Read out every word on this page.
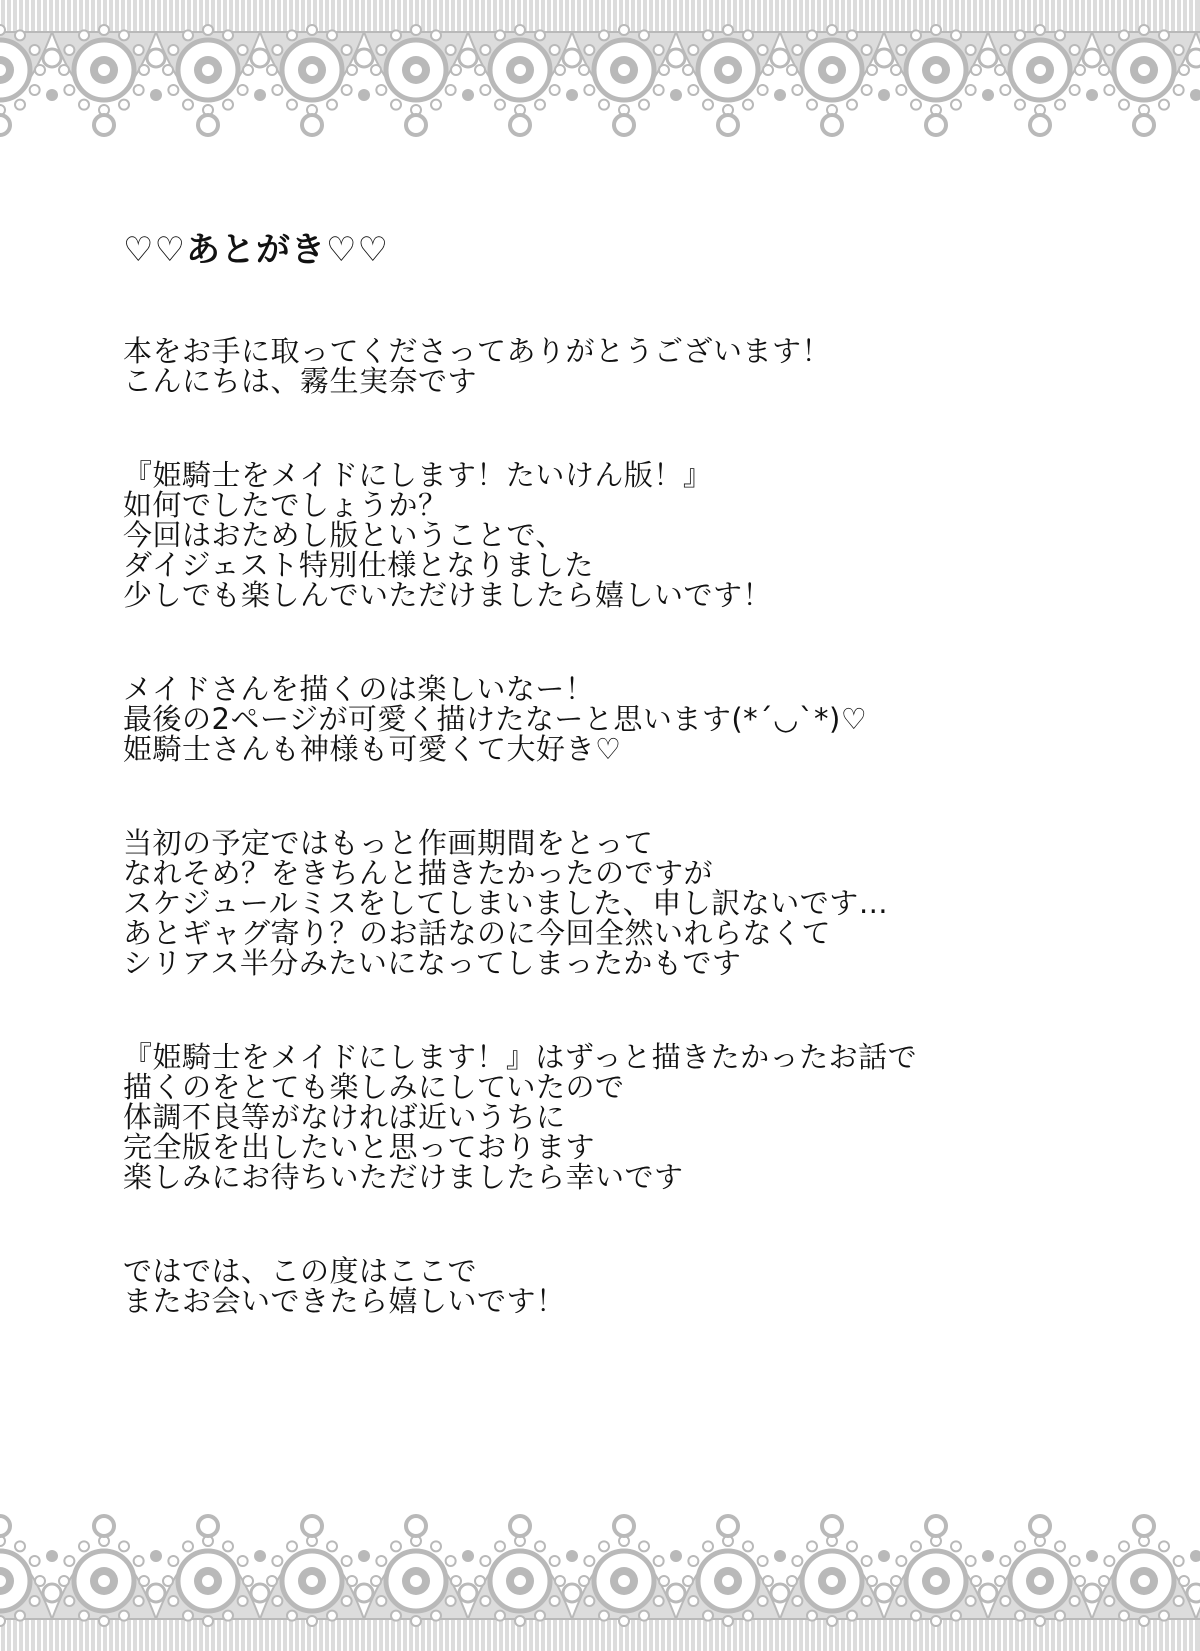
♡♡あとがき♡♡
本をお手に取ってくださってありがとうございます！
こんにちは、霧生実奈です
『姫騎士をメイドにします！たいけん版！』
如何でしたでしょうか？
今回はおためし版ということで、
ダイジェスト特別仕様となりました
少しでも楽しんでいただけましたら嬉しいです！
メイドさんを描くのは楽しいなー！
最後の2ページが可愛く描けたなーと思います(*´◡`*)♡
姫騎士さんも神様も可愛くて大好き♡
当初の予定ではもっと作画期間をとって
なれそめ？をきちんと描きたかったのですが
スケジュールミスをしてしまいました、申し訳ないです…
あとギャグ寄り？のお話なのに今回全然いれらなくて
シリアス半分みたいになってしまったかもです
『姫騎士をメイドにします！』はずっと描きたかったお話で
描くのをとても楽しみにしていたので
体調不良等がなければ近いうちに
完全版を出したいと思っております
楽しみにお待ちいただけましたら幸いです
ではでは、この度はここで
またお会いできたら嬉しいです！
